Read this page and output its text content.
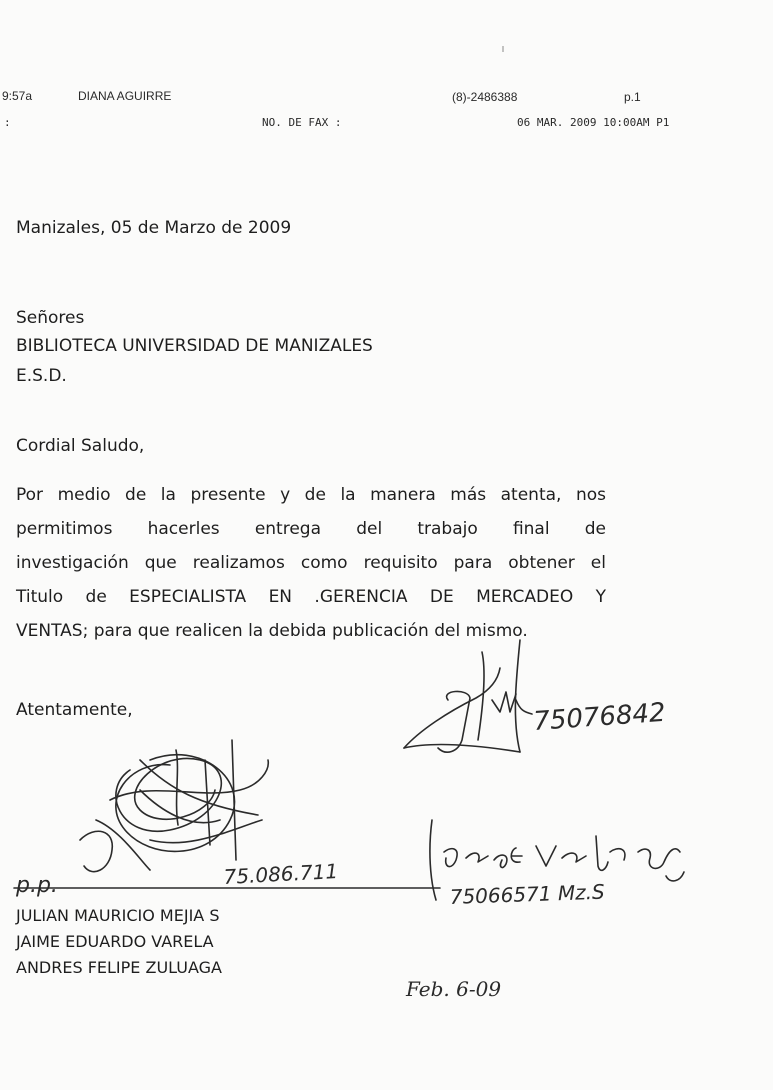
9:57a	DIANA AGUIRRE	(8)-2486388	p.1
:	NO. DE FAX :	06 MAR. 2009 10:00AM P1
Manizales, 05 de Marzo de 2009
Señores
BIBLIOTECA UNIVERSIDAD DE MANIZALES
E.S.D.
Cordial Saludo,
Por medio de la presente y de la manera más atenta, nos
permitimos hacerles entrega del trabajo final de
investigación que realizamos como requisito para obtener el
Titulo de ESPECIALISTA EN .GERENCIA DE MERCADEO Y
VENTAS; para que realicen la debida publicación del mismo.
Atentamente,
JULIAN MAURICIO MEJIA S
JAIME EDUARDO VARELA
ANDRES FELIPE ZULUAGA
75076842
p.p.	75.086.711
75066571 Mz.S
Feb. 6-09
